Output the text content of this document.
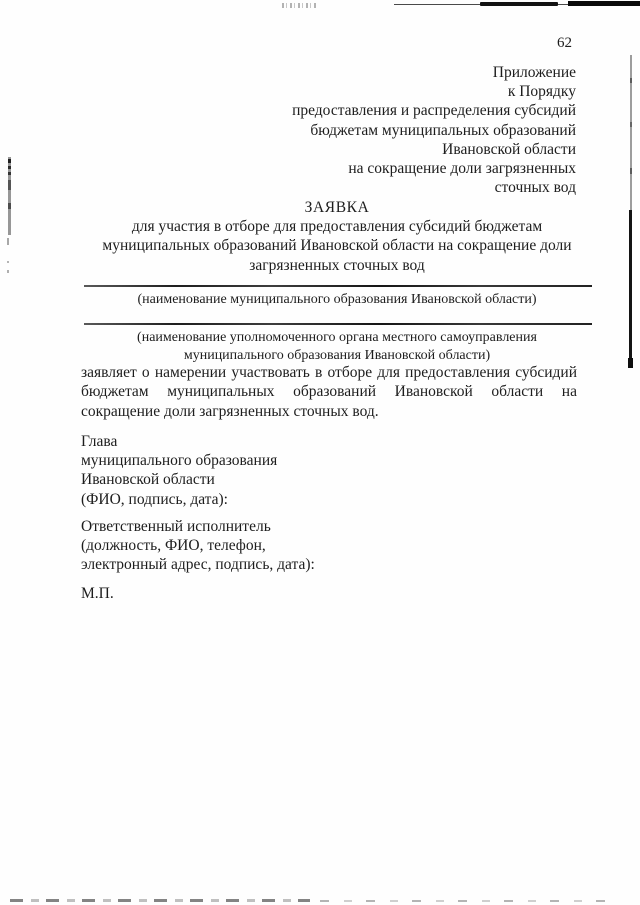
62
Приложение
к Порядку
предоставления и распределения субсидий
бюджетам муниципальных образований
Ивановской области
на сокращение доли загрязненных
сточных вод
ЗАЯВКА
для участия в отборе для предоставления субсидий бюджетам
муниципальных образований Ивановской области на сокращение доли
загрязненных сточных вод
(наименование муниципального образования Ивановской области)
(наименование уполномоченного органа местного самоуправления
муниципального образования Ивановской области)
заявляет о намерении участвовать в отборе для предоставления субсидий
бюджетам муниципальных образований Ивановской области на
сокращение доли загрязненных сточных вод.
Глава
муниципального образования
Ивановской области
(ФИО, подпись, дата):
Ответственный исполнитель
(должность, ФИО, телефон,
электронный адрес, подпись, дата):
М.П.
